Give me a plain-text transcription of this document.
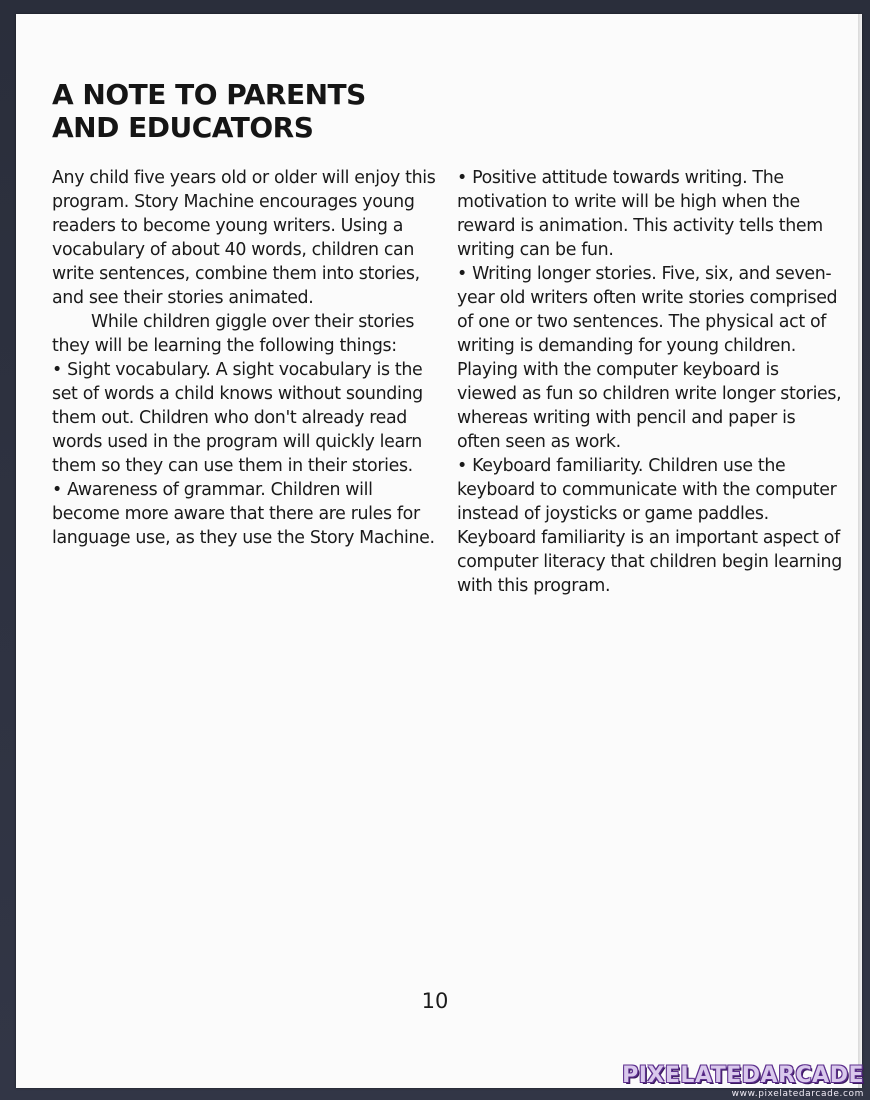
A NOTE TO PARENTS
AND EDUCATORS

Any child five years old or older will enjoy this program. Story Machine encourages young readers to become young writers. Using a vocabulary of about 40 words, children can write sentences, combine them into stories, and see their stories animated.

While children giggle over their stories they will be learning the following things:

• Sight vocabulary. A sight vocabulary is the set of words a child knows without sounding them out. Children who don't already read words used in the program will quickly learn them so they can use them in their stories.

• Awareness of grammar. Children will become more aware that there are rules for language use, as they use the Story Machine.

• Positive attitude towards writing. The motivation to write will be high when the reward is animation. This activity tells them writing can be fun.

• Writing longer stories. Five, six, and seven-year old writers often write stories comprised of one or two sentences. The physical act of writing is demanding for young children. Playing with the computer keyboard is viewed as fun so children write longer stories, whereas writing with pencil and paper is often seen as work.

• Keyboard familiarity. Children use the keyboard to communicate with the computer instead of joysticks or game paddles. Keyboard familiarity is an important aspect of computer literacy that children begin learning with this program.

10
PIXELATEDARCADE
www.pixelatedarcade.com
